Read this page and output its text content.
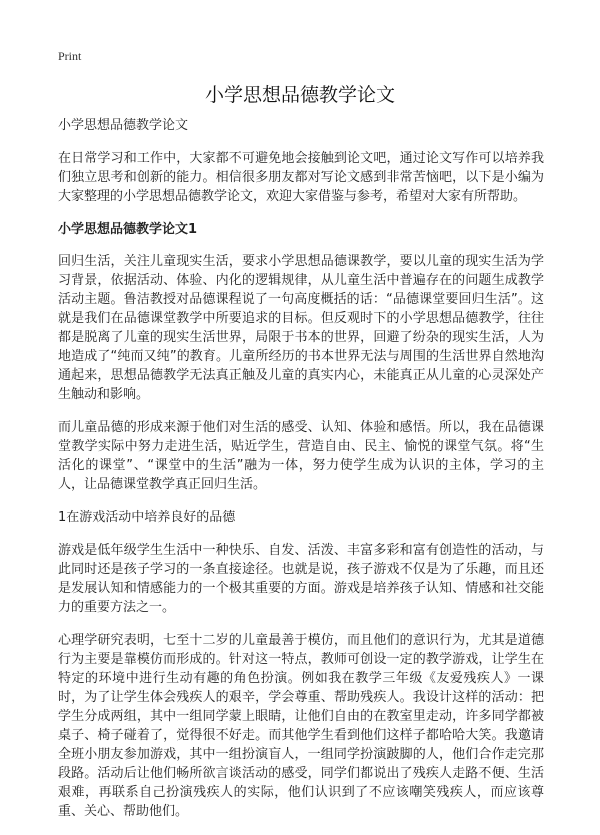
Print
小学思想品德教学论文

小学思想品德教学论文

在日常学习和工作中，大家都不可避免地会接触到论文吧，通过论文写作可以培养我们独立思考和创新的能力。相信很多朋友都对写论文感到非常苦恼吧，以下是小编为大家整理的小学思想品德教学论文，欢迎大家借鉴与参考，希望对大家有所帮助。

小学思想品德教学论文1

回归生活，关注儿童现实生活，要求小学思想品德课教学，要以儿童的现实生活为学习背景，依据活动、体验、内化的逻辑规律，从儿童生活中普遍存在的问题生成教学活动主题。鲁洁教授对品德课程说了一句高度概括的话：“品德课堂要回归生活”。这就是我们在品德课堂教学中所要追求的目标。但反观时下的小学思想品德教学，往往都是脱离了儿童的现实生活世界，局限于书本的世界，回避了纷杂的现实生活，人为地造成了“纯而又纯”的教育。儿童所经历的书本世界无法与周围的生活世界自然地沟通起来，思想品德教学无法真正触及儿童的真实内心，未能真正从儿童的心灵深处产生触动和影响。

而儿童品德的形成来源于他们对生活的感受、认知、体验和感悟。所以，我在品德课堂教学实际中努力走进生活，贴近学生，营造自由、民主、愉悦的课堂气氛。将“生活化的课堂”、“课堂中的生活”融为一体，努力使学生成为认识的主体，学习的主人，让品德课堂教学真正回归生活。

1在游戏活动中培养良好的品德

游戏是低年级学生生活中一种快乐、自发、活泼、丰富多彩和富有创造性的活动，与此同时还是孩子学习的一条直接途径。也就是说，孩子游戏不仅是为了乐趣，而且还是发展认知和情感能力的一个极其重要的方面。游戏是培养孩子认知、情感和社交能力的重要方法之一。

心理学研究表明，七至十二岁的儿童最善于模仿，而且他们的意识行为，尤其是道德行为主要是靠模仿而形成的。针对这一特点，教师可创设一定的教学游戏，让学生在特定的环境中进行生动有趣的角色扮演。例如我在教学三年级《友爱残疾人》一课时，为了让学生体会残疾人的艰辛，学会尊重、帮助残疾人。我设计这样的活动：把学生分成两组，其中一组同学蒙上眼睛，让他们自由的在教室里走动，许多同学都被桌子、椅子碰着了，觉得很不好走。而其他学生看到他们这样子都哈哈大笑。我邀请全班小朋友参加游戏，其中一组扮演盲人，一组同学扮演跛脚的人，他们合作走完那段路。活动后让他们畅所欲言谈活动的感受，同学们都说出了残疾人走路不便、生活艰难，再联系自己扮演残疾人的实际，他们认识到了不应该嘲笑残疾人，而应该尊重、关心、帮助他们。
